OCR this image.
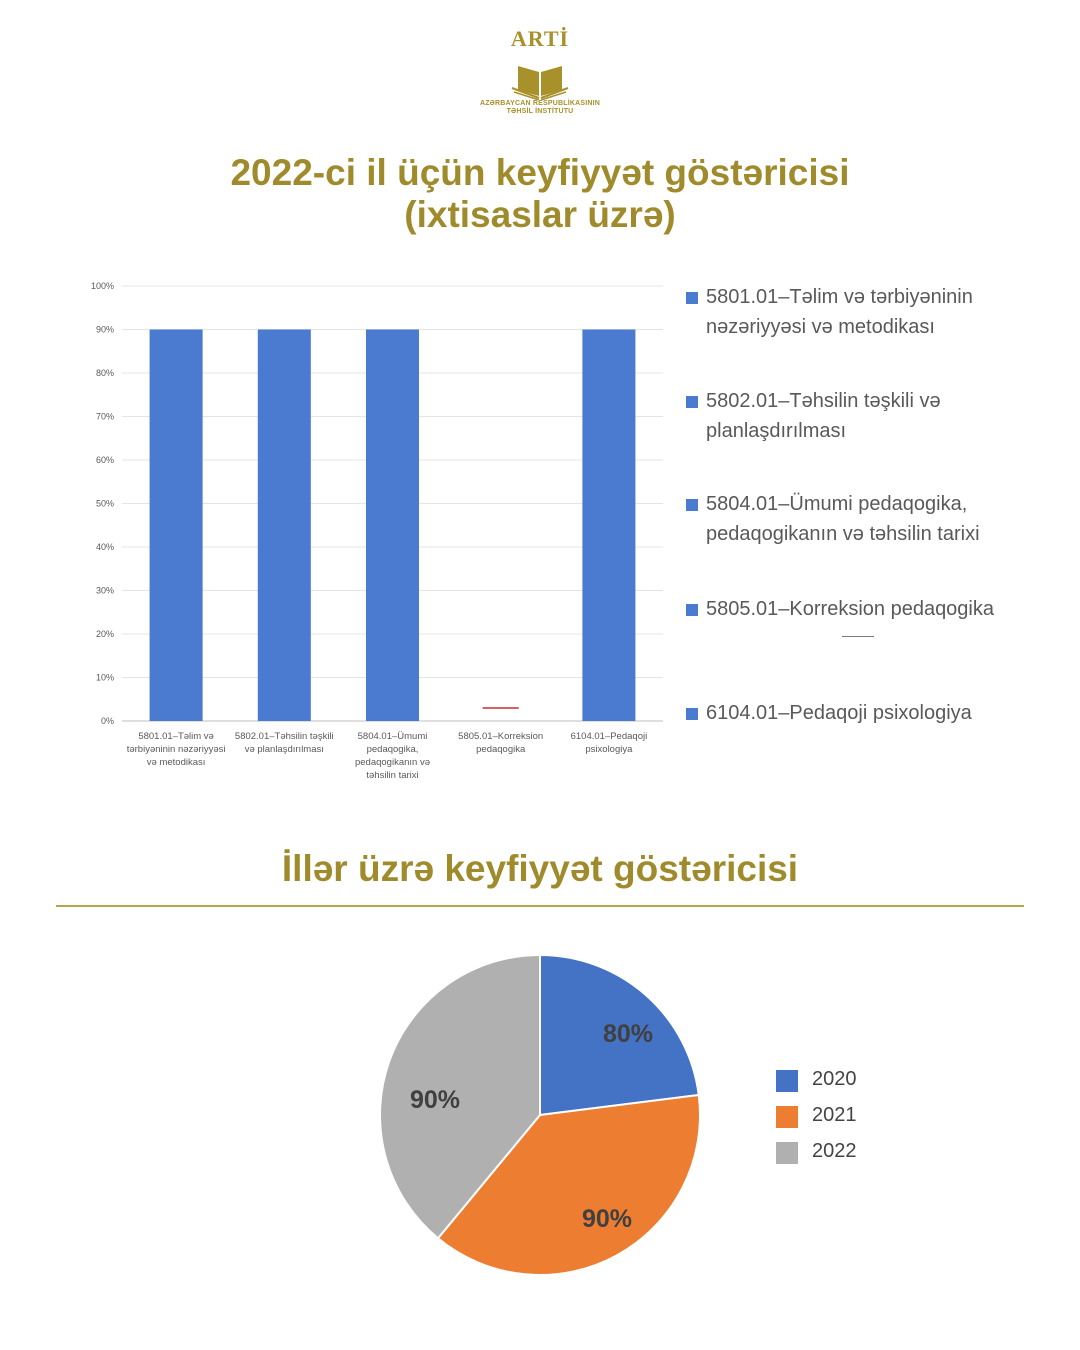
ARTİ
AZƏRBAYCAN RESPUBLİKASININ
TƏHSİL İNSTİTUTU
2022-ci il üçün keyfiyyət göstəricisi
(ixtisaslar üzrə)
0%
10%
20%
30%
40%
50%
60%
70%
80%
90%
100%
5801.01–Təlim və tərbiyəninin nəzəriyyəsi və metodikası
5802.01–Təhsilin təşkili və planlaşdırılması
5804.01–Ümumi pedaqogika, pedaqogikanın və təhsilin tarixi
5805.01–Korreksion pedaqogika
6104.01–Pedaqoji psixologiya
5801.01–Təlim və tərbiyəninin nəzəriyyəsi və metodikası
5802.01–Təhsilin təşkili və planlaşdırılması
5804.01–Ümumi pedaqogika, pedaqogikanın və təhsilin tarixi
5805.01–Korreksion pedaqogika
6104.01–Pedaqoji psixologiya
İllər üzrə keyfiyyət göstəricisi
80%
90%
90%
2020
2021
2022
